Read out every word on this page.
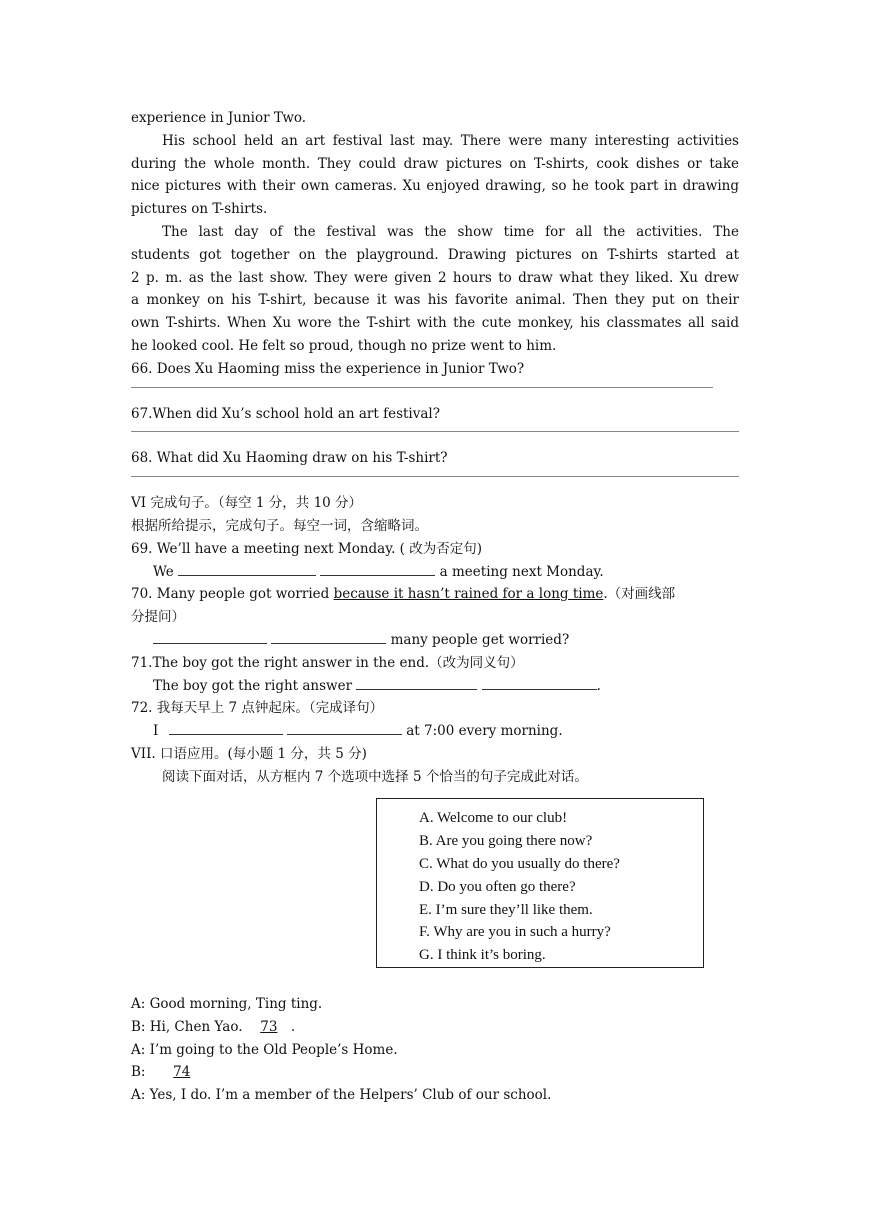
experience in Junior Two.
His school held an art festival last may. There were many interesting activities
during the whole month. They could draw pictures on T-shirts, cook dishes or take
nice pictures with their own cameras. Xu enjoyed drawing, so he took part in drawing
pictures on T-shirts.
The last day of the festival was the show time for all the activities. The
students got together on the playground. Drawing pictures on T-shirts started at
2 p. m. as the last show. They were given 2 hours to draw what they liked. Xu drew
a monkey on his T-shirt, because it was his favorite animal. Then they put on their
own T-shirts. When Xu wore the T-shirt with the cute monkey, his classmates all said
he looked cool. He felt so proud, though no prize went to him.
66. Does Xu Haoming miss the experience in Junior Two?
67.When did Xu’s school hold an art festival?
68. What did Xu Haoming draw on his T-shirt?
VI 完成句子。（每空 1 分，共 10 分）
根据所给提示，完成句子。每空一词，含缩略词。
69. We’ll have a meeting next Monday. ( 改为否定句)
We	a meeting next Monday.
70. Many people got worried because it hasn’t rained for a long time.（对画线部
分提问）
many people get worried?
71.The boy got the right answer in the end.（改为同义句）
The boy got the right answer	.
72. 我每天早上 7 点钟起床。（完成译句）
I	at 7:00 every morning.
VII. 口语应用。(每小题 1 分，共 5 分)
阅读下面对话，从方框内 7 个选项中选择 5 个恰当的句子完成此对话。
A. Welcome to our club!
B. Are you going there now?
C. What do you usually do there?
D. Do you often go there?
E. I’m sure they’ll like them.
F. Why are you in such a hurry?
G. I think it’s boring.
A: Good morning, Ting ting.
B: Hi, Chen Yao. 73 .
A: I’m going to the Old People’s Home.
B: 74
A: Yes, I do. I’m a member of the Helpers’ Club of our school.
